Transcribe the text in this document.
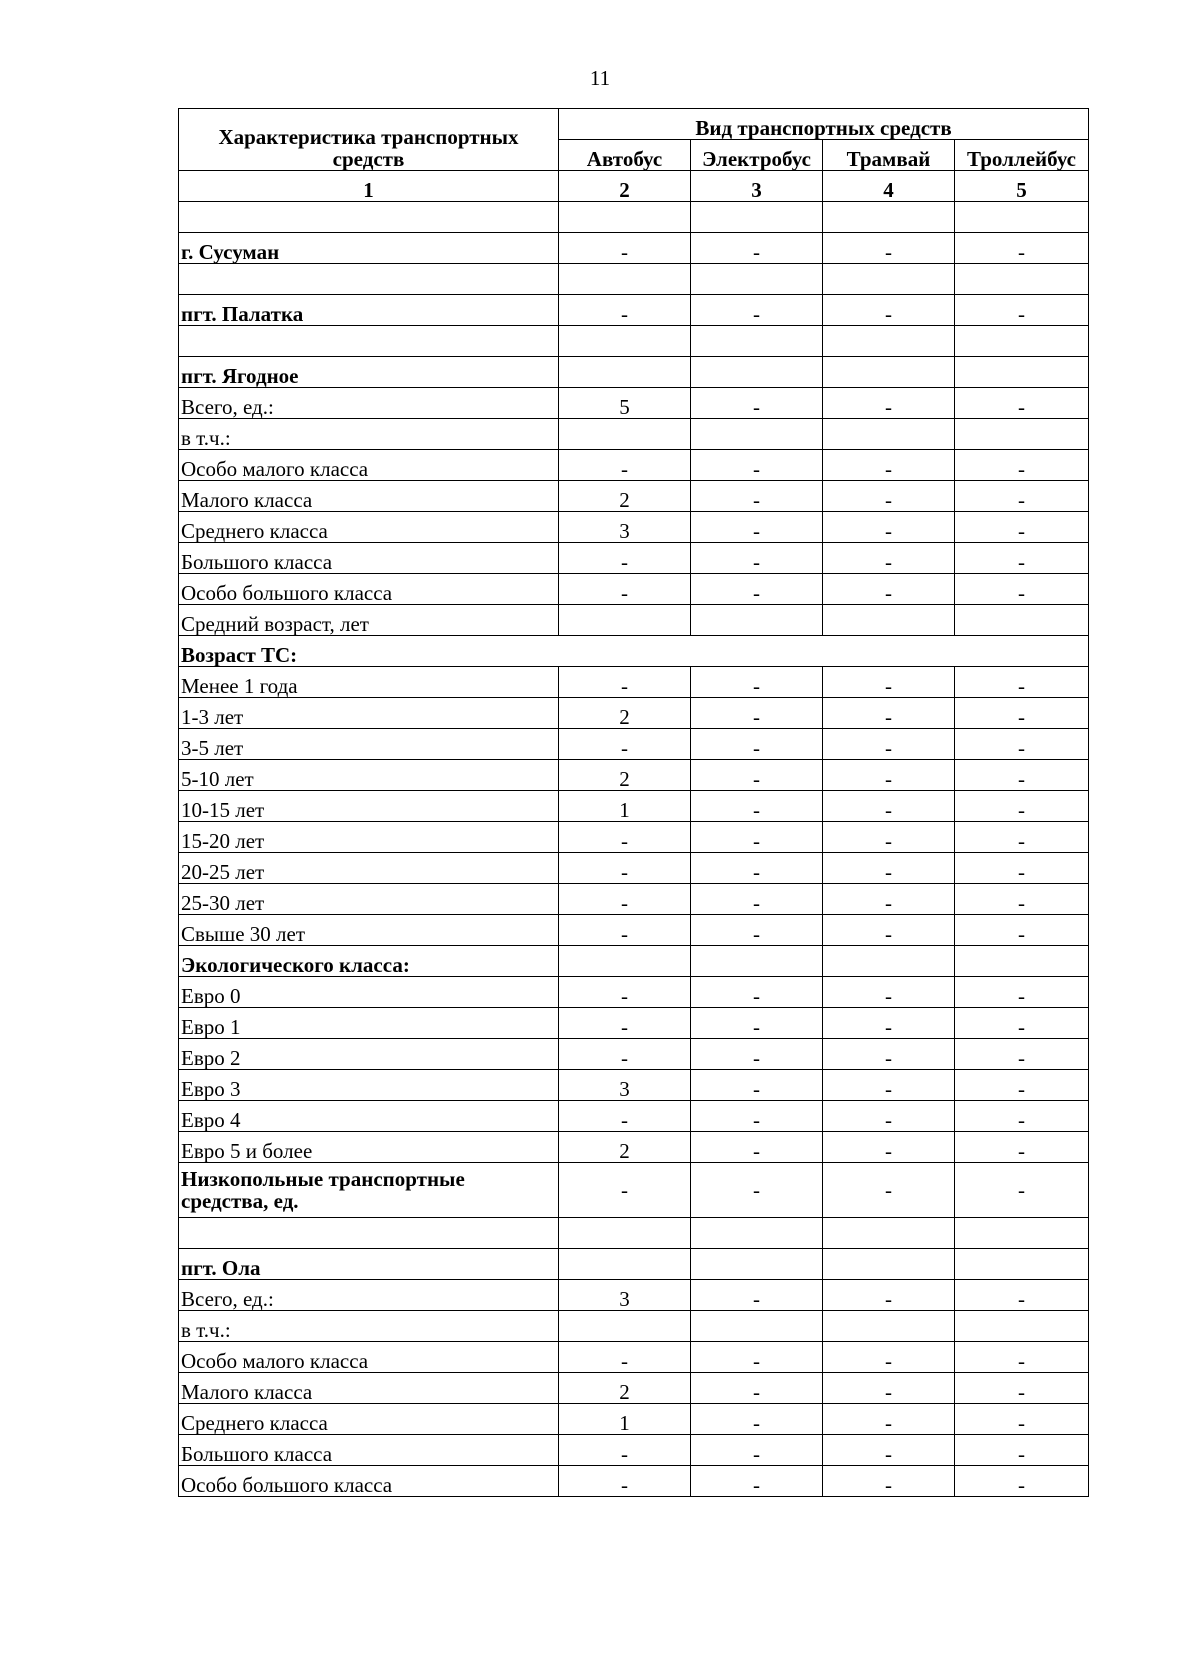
11
Характеристика транспортных средств	Вид транспортных средств			
	Автобус	Электробус	Трамвай	Троллейбус
1	2	3	4	5

г. Сусуман	-	-	-	-

пгт. Палатка	-	-	-	-

пгт. Ягодное				
Всего, ед.:	5	-	-	-
в т.ч.:				
Особо малого класса	-	-	-	-
Малого класса	2	-	-	-
Среднего класса	3	-	-	-
Большого класса	-	-	-	-
Особо большого класса	-	-	-	-
Средний возраст, лет				
Возраст ТС:				
Менее 1 года	-	-	-	-
1-3 лет	2	-	-	-
3-5 лет	-	-	-	-
5-10 лет	2	-	-	-
10-15 лет	1	-	-	-
15-20 лет	-	-	-	-
20-25 лет	-	-	-	-
25-30 лет	-	-	-	-
Свыше 30 лет	-	-	-	-
Экологического класса:				
Евро 0	-	-	-	-
Евро 1	-	-	-	-
Евро 2	-	-	-	-
Евро 3	3	-	-	-
Евро 4	-	-	-	-
Евро 5 и более	2	-	-	-
Низкопольные транспортные средства, ед.	-	-	-	-

пгт. Ола				
Всего, ед.:	3	-	-	-
в т.ч.:				
Особо малого класса	-	-	-	-
Малого класса	2	-	-	-
Среднего класса	1	-	-	-
Большого класса	-	-	-	-
Особо большого класса	-	-	-	-
